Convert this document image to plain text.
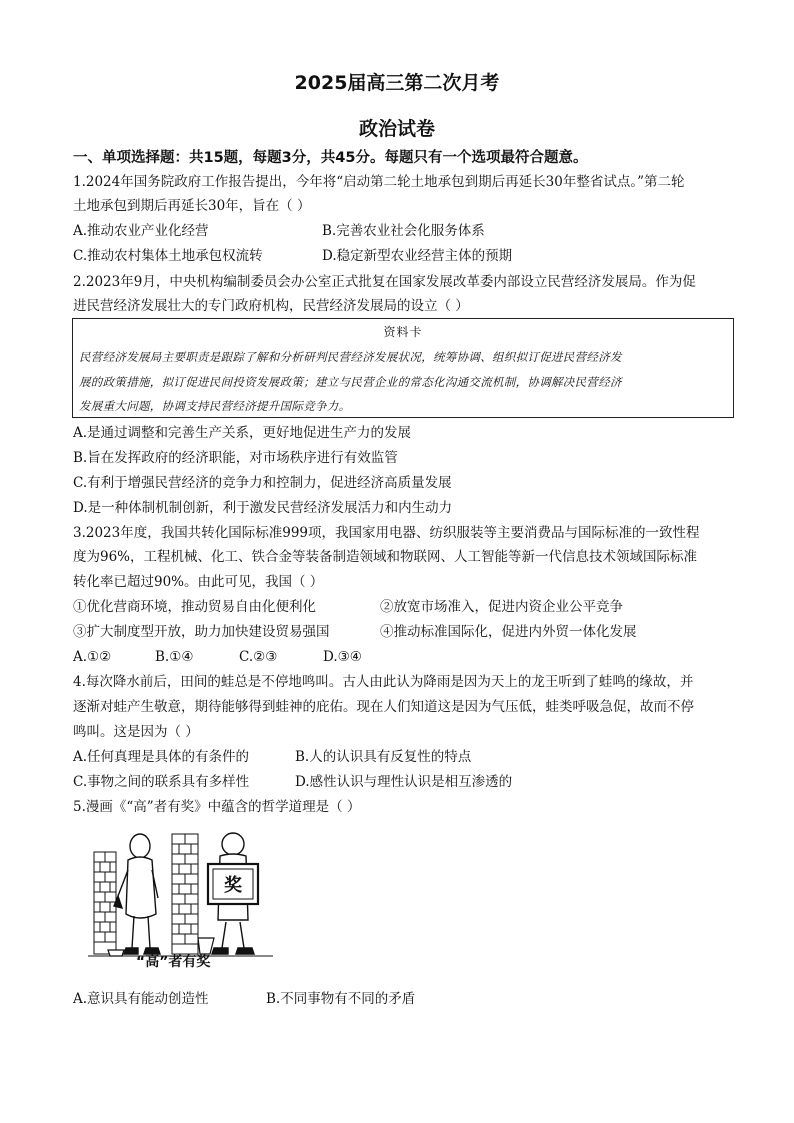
2025届高三第二次月考
政治试卷
一、单项选择题：共15题，每题3分，共45分。每题只有一个选项最符合题意。
1.2024年国务院政府工作报告提出，今年将“启动第二轮土地承包到期后再延长30年整省试点。”第二轮
土地承包到期后再延长30年，旨在（ ）
A.推动农业产业化经营	B.完善农业社会化服务体系
C.推动农村集体土地承包权流转	D.稳定新型农业经营主体的预期
2.2023年9月，中央机构编制委员会办公室正式批复在国家发展改革委内部设立民营经济发展局。作为促
进民营经济发展壮大的专门政府机构，民营经济发展局的设立（ ）
资料卡
民营经济发展局主要职责是跟踪了解和分析研判民营经济发展状况，统筹协调、组织拟订促进民营经济发
展的政策措施，拟订促进民间投资发展政策；建立与民营企业的常态化沟通交流机制，协调解决民营经济
发展重大问题，协调支持民营经济提升国际竞争力。
A.是通过调整和完善生产关系，更好地促进生产力的发展
B.旨在发挥政府的经济职能，对市场秩序进行有效监管
C.有利于增强民营经济的竞争力和控制力，促进经济高质量发展
D.是一种体制机制创新，利于激发民营经济发展活力和内生动力
3.2023年度，我国共转化国际标准999项，我国家用电器、纺织服装等主要消费品与国际标准的一致性程
度为96%，工程机械、化工、铁合金等装备制造领域和物联网、人工智能等新一代信息技术领域国际标准
转化率已超过90%。由此可见，我国（ ）
①优化营商环境，推动贸易自由化便利化	②放宽市场准入，促进内资企业公平竞争
③扩大制度型开放，助力加快建设贸易强国	④推动标准国际化，促进内外贸一体化发展
A.①②	B.①④	C.②③	D.③④
4.每次降水前后，田间的蛙总是不停地鸣叫。古人由此认为降雨是因为天上的龙王听到了蛙鸣的缘故，并
逐渐对蛙产生敬意，期待能够得到蛙神的庇佑。现在人们知道这是因为气压低，蛙类呼吸急促，故而不停
鸣叫。这是因为（ ）
A.任何真理是具体的有条件的	B.人的认识具有反复性的特点
C.事物之间的联系具有多样性	D.感性认识与理性认识是相互渗透的
5.漫画《“高”者有奖》中蕴含的哲学道理是（ ）
奖
“高”者有奖
A.意识具有能动创造性	B.不同事物有不同的矛盾
